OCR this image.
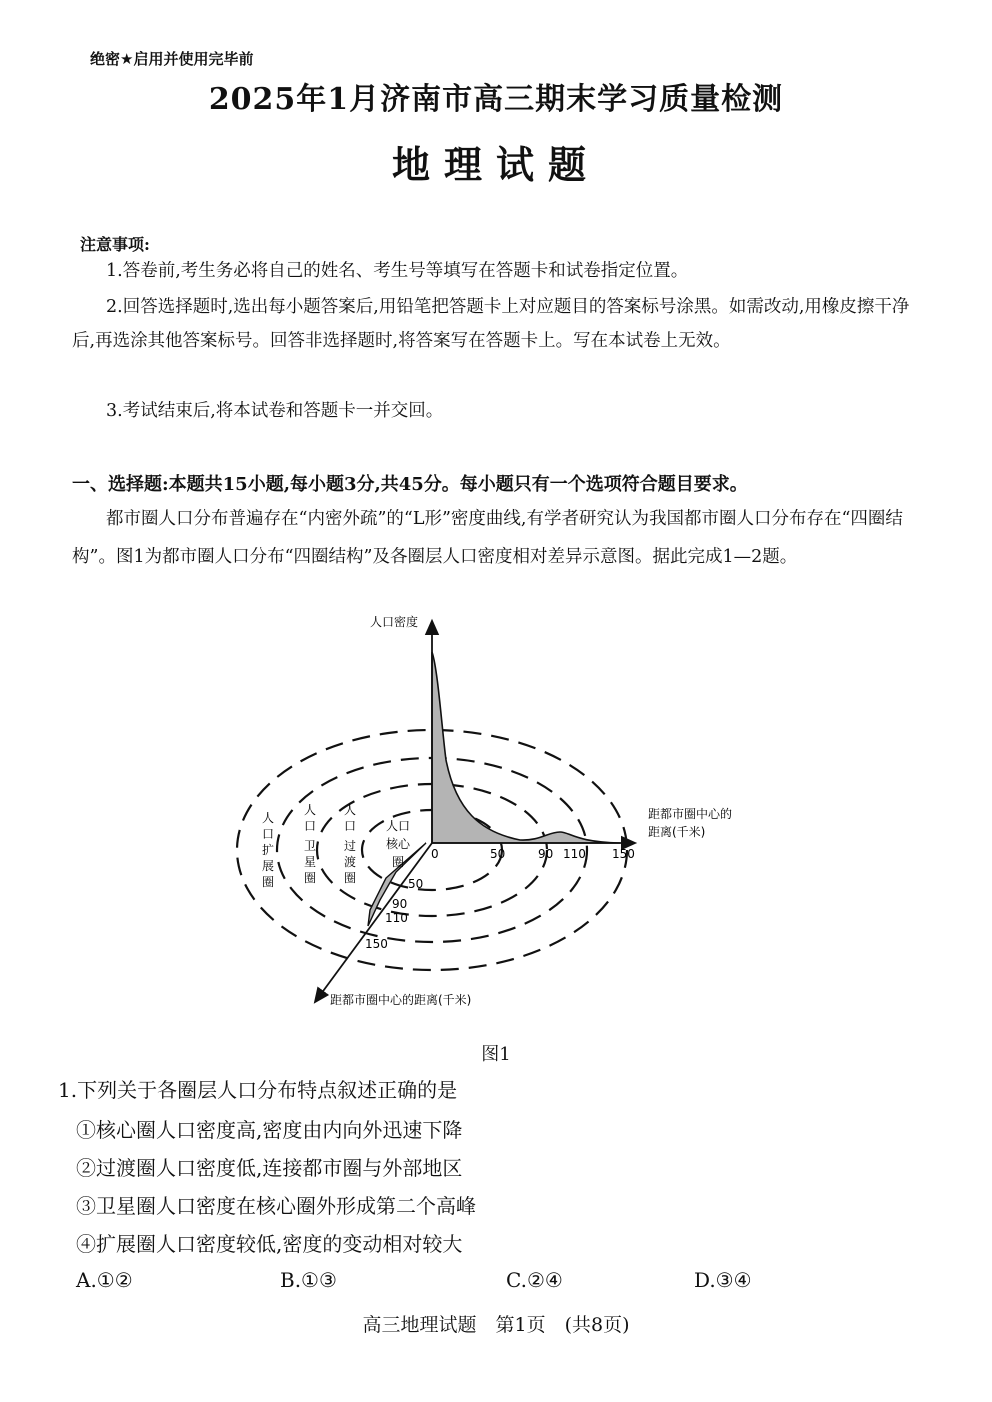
绝密★启用并使用完毕前
2025年1月济南市高三期末学习质量检测
地理试题
注意事项:
1.答卷前,考生务必将自己的姓名、考生号等填写在答题卡和试卷指定位置。
2.回答选择题时,选出每小题答案后,用铅笔把答题卡上对应题目的答案标号涂黑。如需改动,用橡皮擦干净后,再选涂其他答案标号。回答非选择题时,将答案写在答题卡上。写在本试卷上无效。
3.考试结束后,将本试卷和答题卡一并交回。
一、选择题:本题共15小题,每小题3分,共45分。每小题只有一个选项符合题目要求。
都市圈人口分布普遍存在“内密外疏”的“L形”密度曲线,有学者研究认为我国都市圈人口分布存在“四圈结构”。图1为都市圈人口分布“四圈结构”及各圈层人口密度相对差异示意图。据此完成1—2题。
人口密度
距都市圈中心的
距离(千米)
距都市圈中心的距离(千米)
0	50	90 110 150
50
90
110
150
人
口
扩
展
圈
人
口
卫
星
圈
人
口
过
渡
圈
人口
核心
圈
图1
1.下列关于各圈层人口分布特点叙述正确的是
①核心圈人口密度高,密度由内向外迅速下降
②过渡圈人口密度低,连接都市圈与外部地区
③卫星圈人口密度在核心圈外形成第二个高峰
④扩展圈人口密度较低,密度的变动相对较大
A.①②	B.①③	C.②④	D.③④
高三地理试题　第1页　(共8页)
